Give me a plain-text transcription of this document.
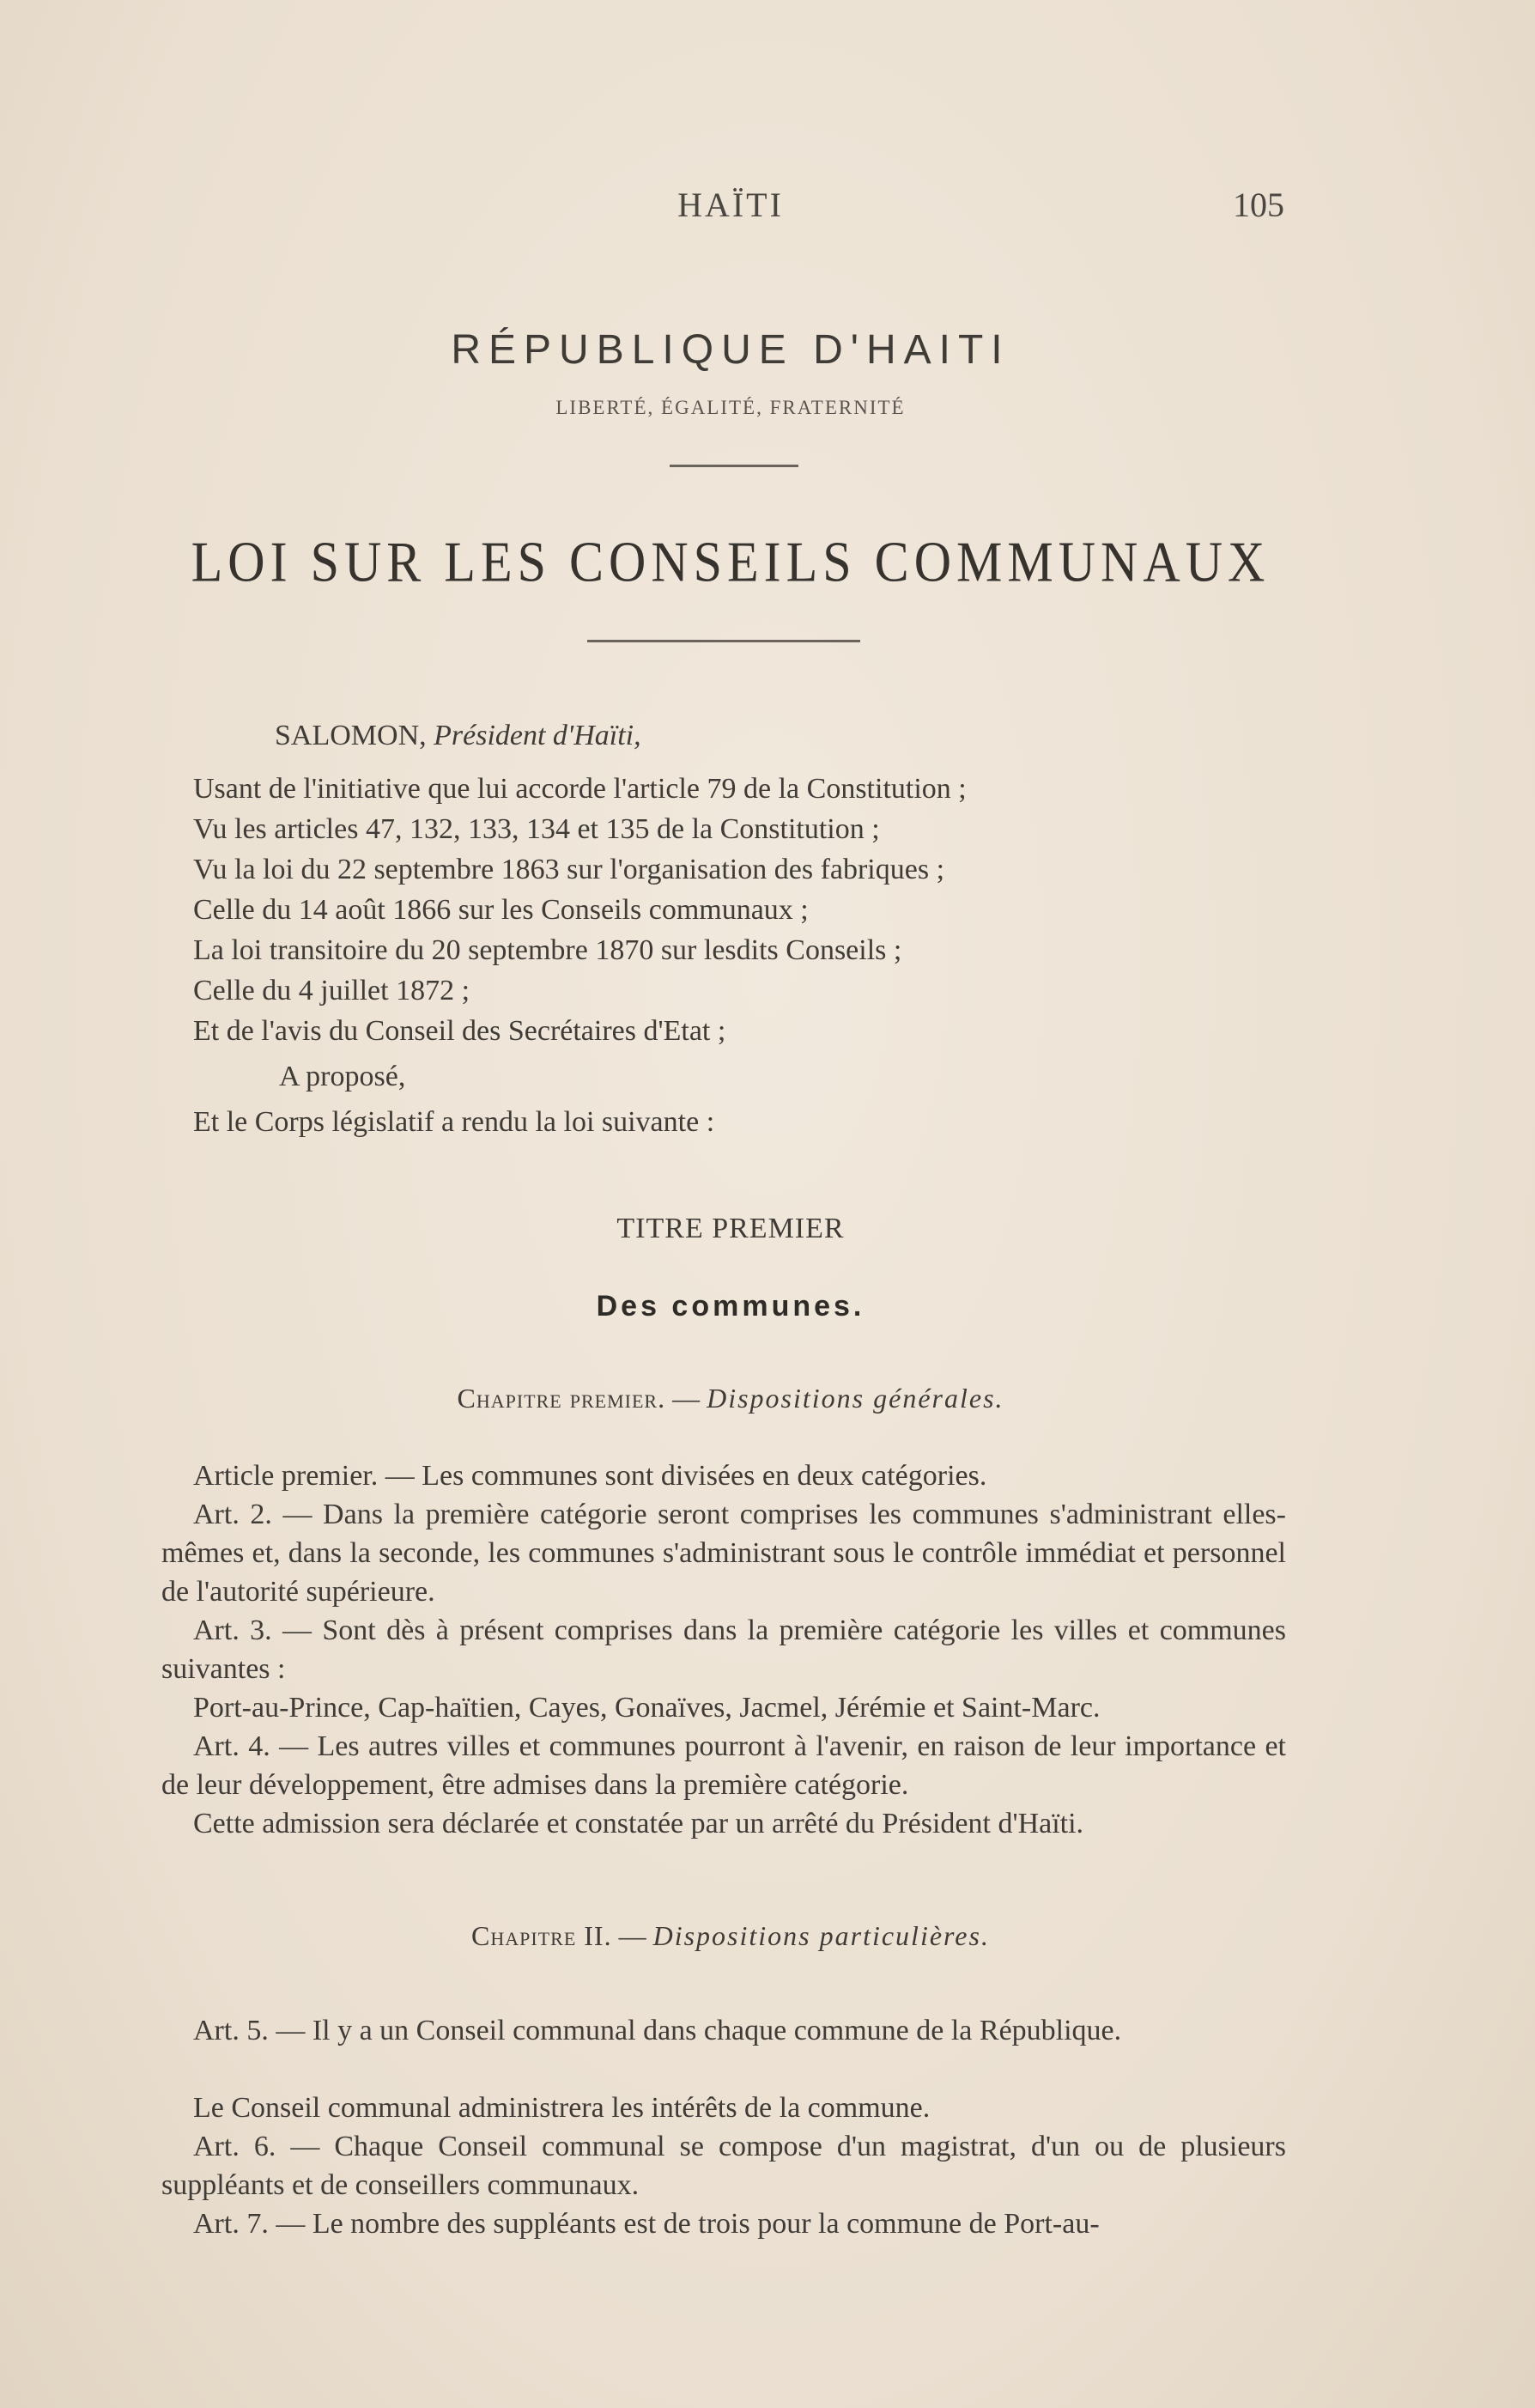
HAÏTI	105

RÉPUBLIQUE D'HAITI

LIBERTÉ, ÉGALITÉ, FRATERNITÉ

LOI SUR LES CONSEILS COMMUNAUX

SALOMON, Président d'Haïti,

Usant de l'initiative que lui accorde l'article 79 de la Constitution ;

Vu les articles 47, 132, 133, 134 et 135 de la Constitution ;

Vu la loi du 22 septembre 1863 sur l'organisation des fabriques ;

Celle du 14 août 1866 sur les Conseils communaux ;

La loi transitoire du 20 septembre 1870 sur lesdits Conseils ;

Celle du 4 juillet 1872 ;

Et de l'avis du Conseil des Secrétaires d'Etat ;

A proposé,

Et le Corps législatif a rendu la loi suivante :

TITRE PREMIER

Des communes.

Chapitre premier. — Dispositions générales.

Article premier. — Les communes sont divisées en deux catégories.

Art. 2. — Dans la première catégorie seront comprises les communes s'administrant elles-mêmes et, dans la seconde, les communes s'administrant sous le contrôle immédiat et personnel de l'autorité supérieure.

Art. 3. — Sont dès à présent comprises dans la première catégorie les villes et communes suivantes :

Port-au-Prince, Cap-haïtien, Cayes, Gonaïves, Jacmel, Jérémie et Saint-Marc.

Art. 4. — Les autres villes et communes pourront à l'avenir, en raison de leur importance et de leur développement, être admises dans la première catégorie.

Cette admission sera déclarée et constatée par un arrêté du Président d'Haïti.

Chapitre II. — Dispositions particulières.

Art. 5. — Il y a un Conseil communal dans chaque commune de la République.

Le Conseil communal administrera les intérêts de la commune.

Art. 6. — Chaque Conseil communal se compose d'un magistrat, d'un ou de plusieurs suppléants et de conseillers communaux.

Art. 7. — Le nombre des suppléants est de trois pour la commune de Port-au-
